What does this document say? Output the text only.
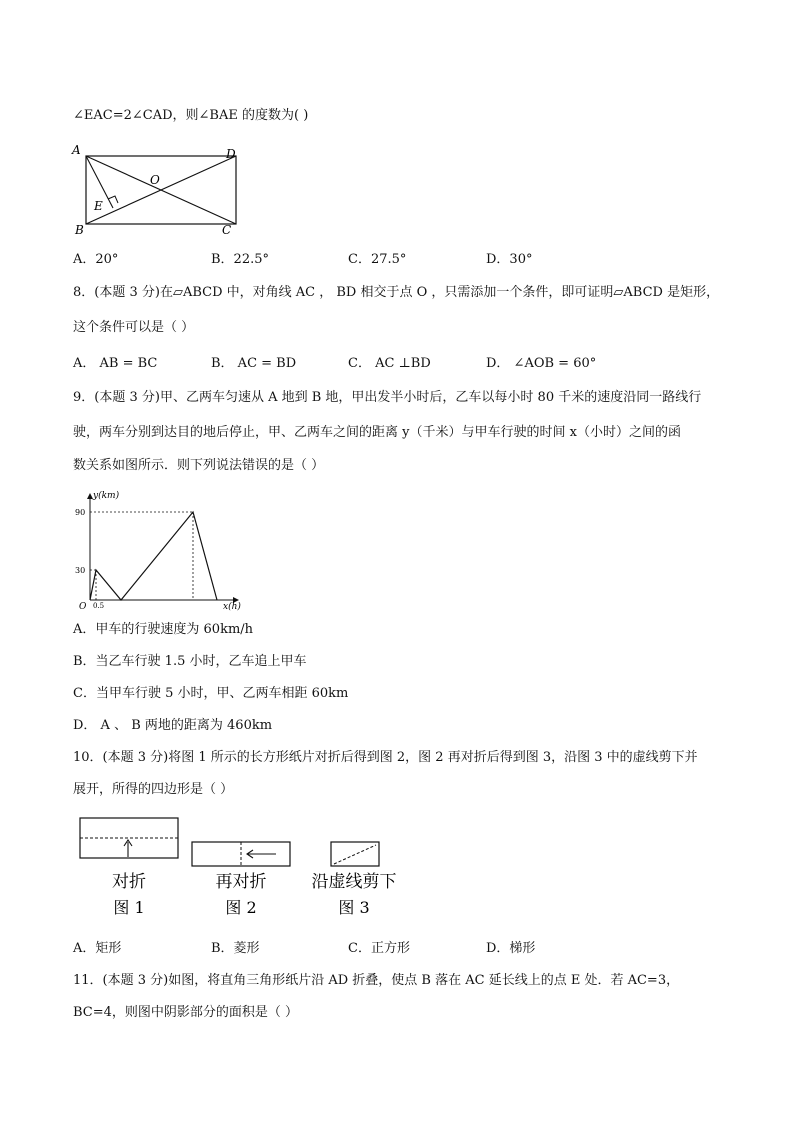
∠EAC=2∠CAD，则∠BAE 的度数为( )
A	D
B	C
O
E
A．20°	B．22.5°	C．27.5°	D．30°
8．(本题 3 分)在▱ABCD 中，对角线 AC ， BD 相交于点 O ，只需添加一个条件，即可证明▱ABCD 是矩形，
这个条件可以是（ ）
A． AB = BC	B． AC = BD	C． AC ⊥BD	D． ∠AOB = 60°
9．(本题 3 分)甲、乙两车匀速从 A 地到 B 地，甲出发半小时后，乙车以每小时 80 千米的速度沿同一路线行
驶，两车分别到达目的地后停止，甲、乙两车之间的距离 y（千米）与甲车行驶的时间 x（小时）之间的函
数关系如图所示．则下列说法错误的是（ ）
y(km)
x(h)
O
90
30
0.5
A．甲车的行驶速度为 60km/h
B．当乙车行驶 1.5 小时，乙车追上甲车
C．当甲车行驶 5 小时，甲、乙两车相距 60km
D． A 、 B 两地的距离为 460km
10．(本题 3 分)将图 1 所示的长方形纸片对折后得到图 2，图 2 再对折后得到图 3，沿图 3 中的虚线剪下并
展开，所得的四边形是（ ）
对折
图 1
再对折
图 2
沿虚线剪下
图 3
A．矩形	B．菱形	C．正方形	D．梯形
11．(本题 3 分)如图，将直角三角形纸片沿 AD 折叠，使点 B 落在 AC 延长线上的点 E 处．若 AC=3，
BC=4，则图中阴影部分的面积是（ ）
